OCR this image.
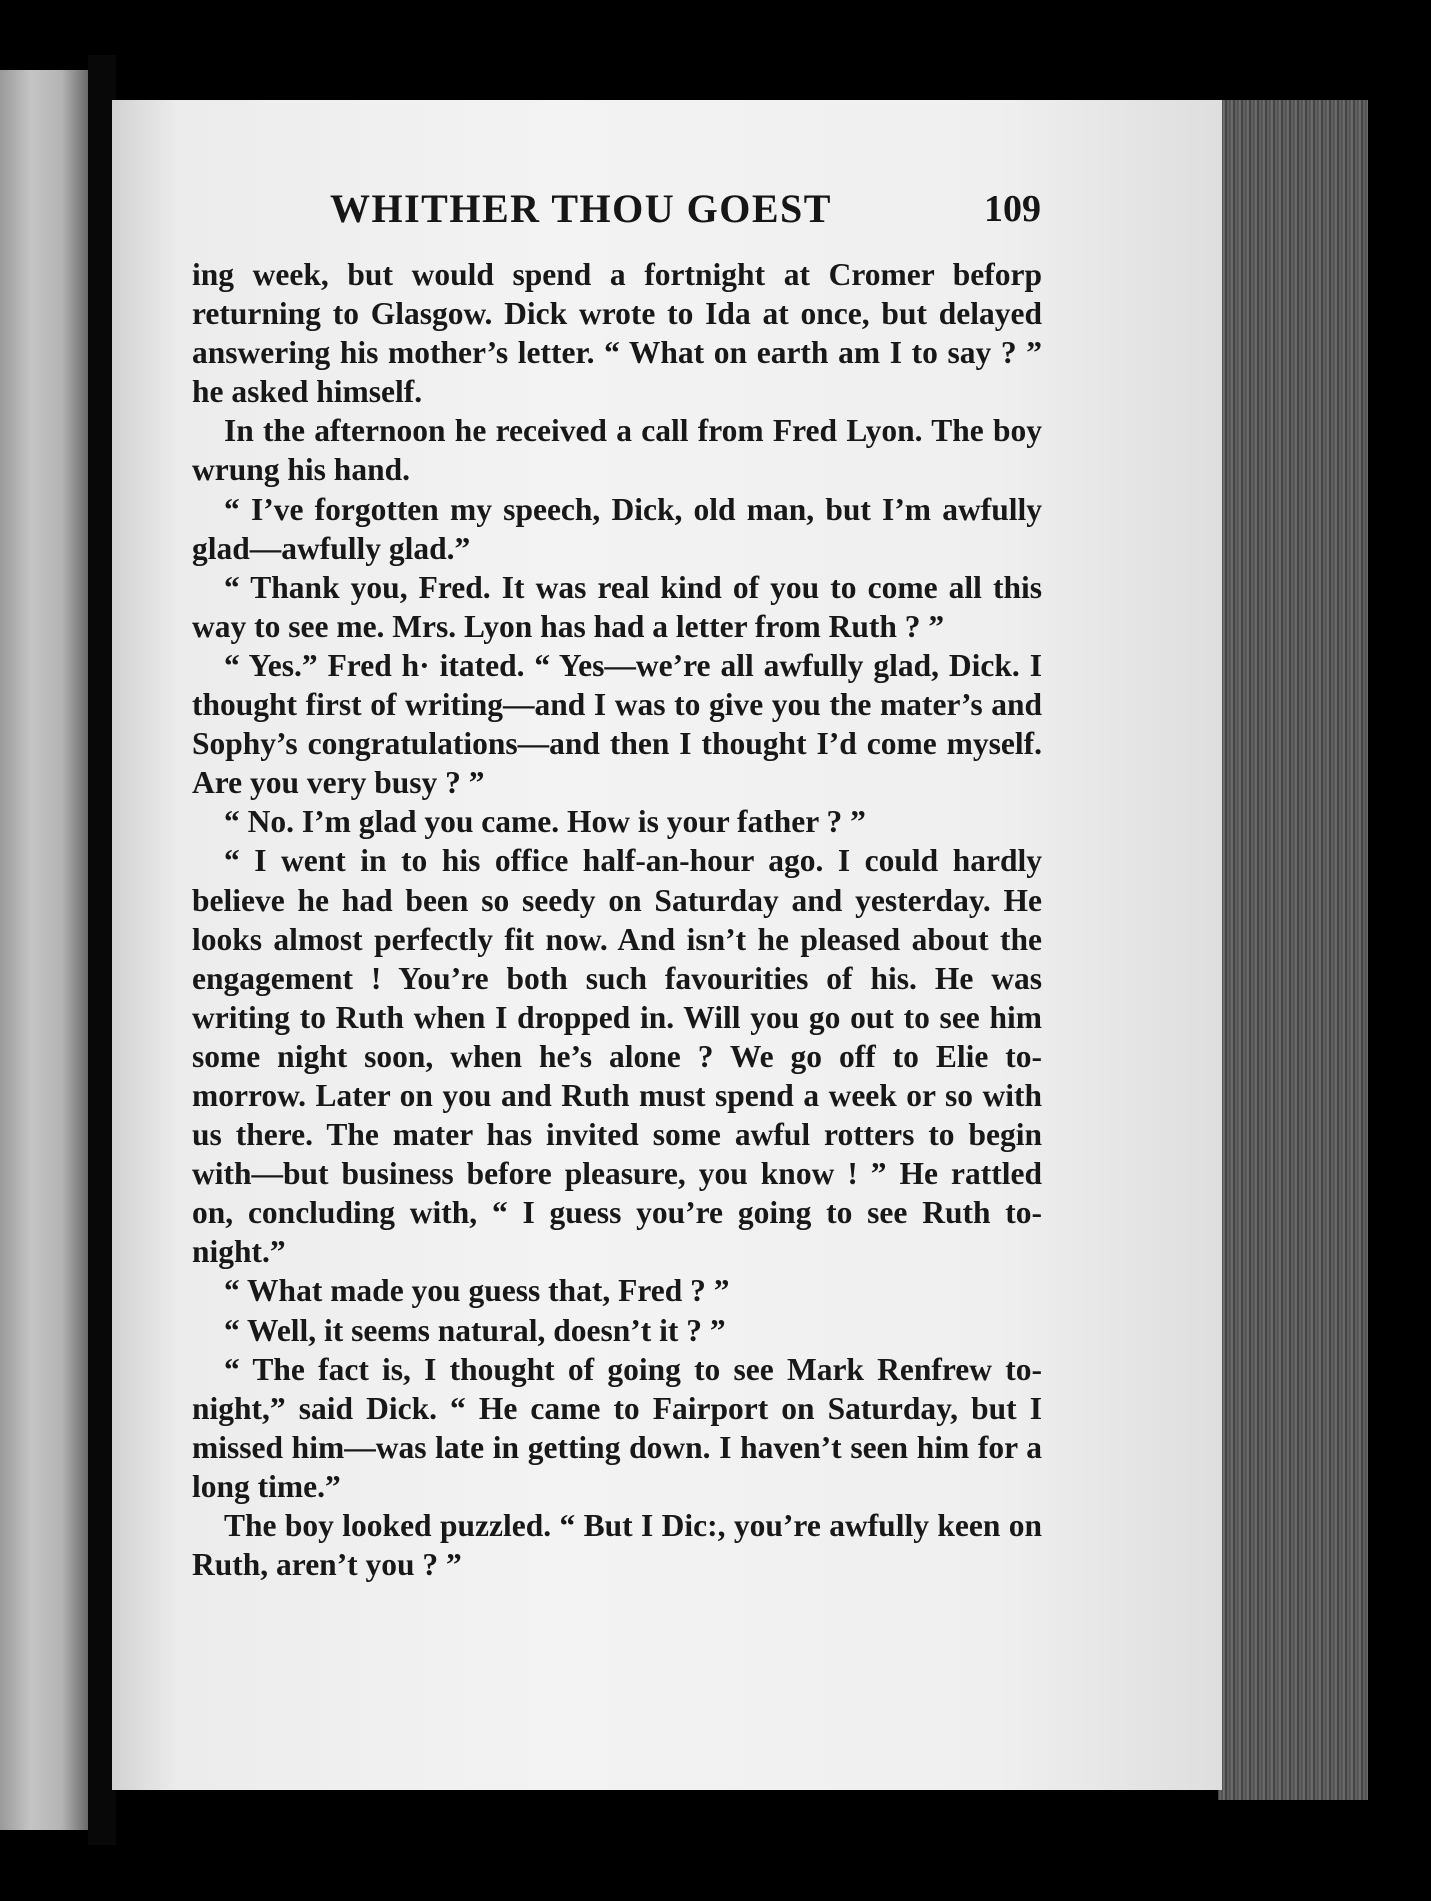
WHITHER THOU GOEST	109

ing week, but would spend a fortnight at Cromer beforp returning to Glasgow. Dick wrote to Ida at once, but delayed answering his mother’s letter. “ What on earth am I to say ? ” he asked himself.

In the afternoon he received a call from Fred Lyon. The boy wrung his hand.

“ I’ve forgotten my speech, Dick, old man, but I’m awfully glad—awfully glad.”

“ Thank you, Fred. It was real kind of you to come all this way to see me. Mrs. Lyon has had a letter from Ruth ? ”

“ Yes.” Fred h· itated. “ Yes—we’re all awfully glad, Dick. I thought first of writing—and I was to give you the mater’s and Sophy’s congratulations—and then I thought I’d come myself. Are you very busy ? ”

“ No. I’m glad you came. How is your father ? ”

“ I went in to his office half-an-hour ago. I could hardly believe he had been so seedy on Saturday and yesterday. He looks almost perfectly fit now. And isn’t he pleased about the engagement ! You’re both such favourities of his. He was writing to Ruth when I dropped in. Will you go out to see him some night soon, when he’s alone ? We go off to Elie to-morrow. Later on you and Ruth must spend a week or so with us there. The mater has invited some awful rotters to begin with—but business before pleasure, you know ! ” He rattled on, concluding with, “ I guess you’re going to see Ruth to-night.”

“ What made you guess that, Fred ? ”

“ Well, it seems natural, doesn’t it ? ”

“ The fact is, I thought of going to see Mark Renfrew to-night,” said Dick. “ He came to Fairport on Saturday, but I missed him—was late in getting down. I haven’t seen him for a long time.”

The boy looked puzzled. “ But I Dic:, you’re awfully keen on Ruth, aren’t you ? ”
